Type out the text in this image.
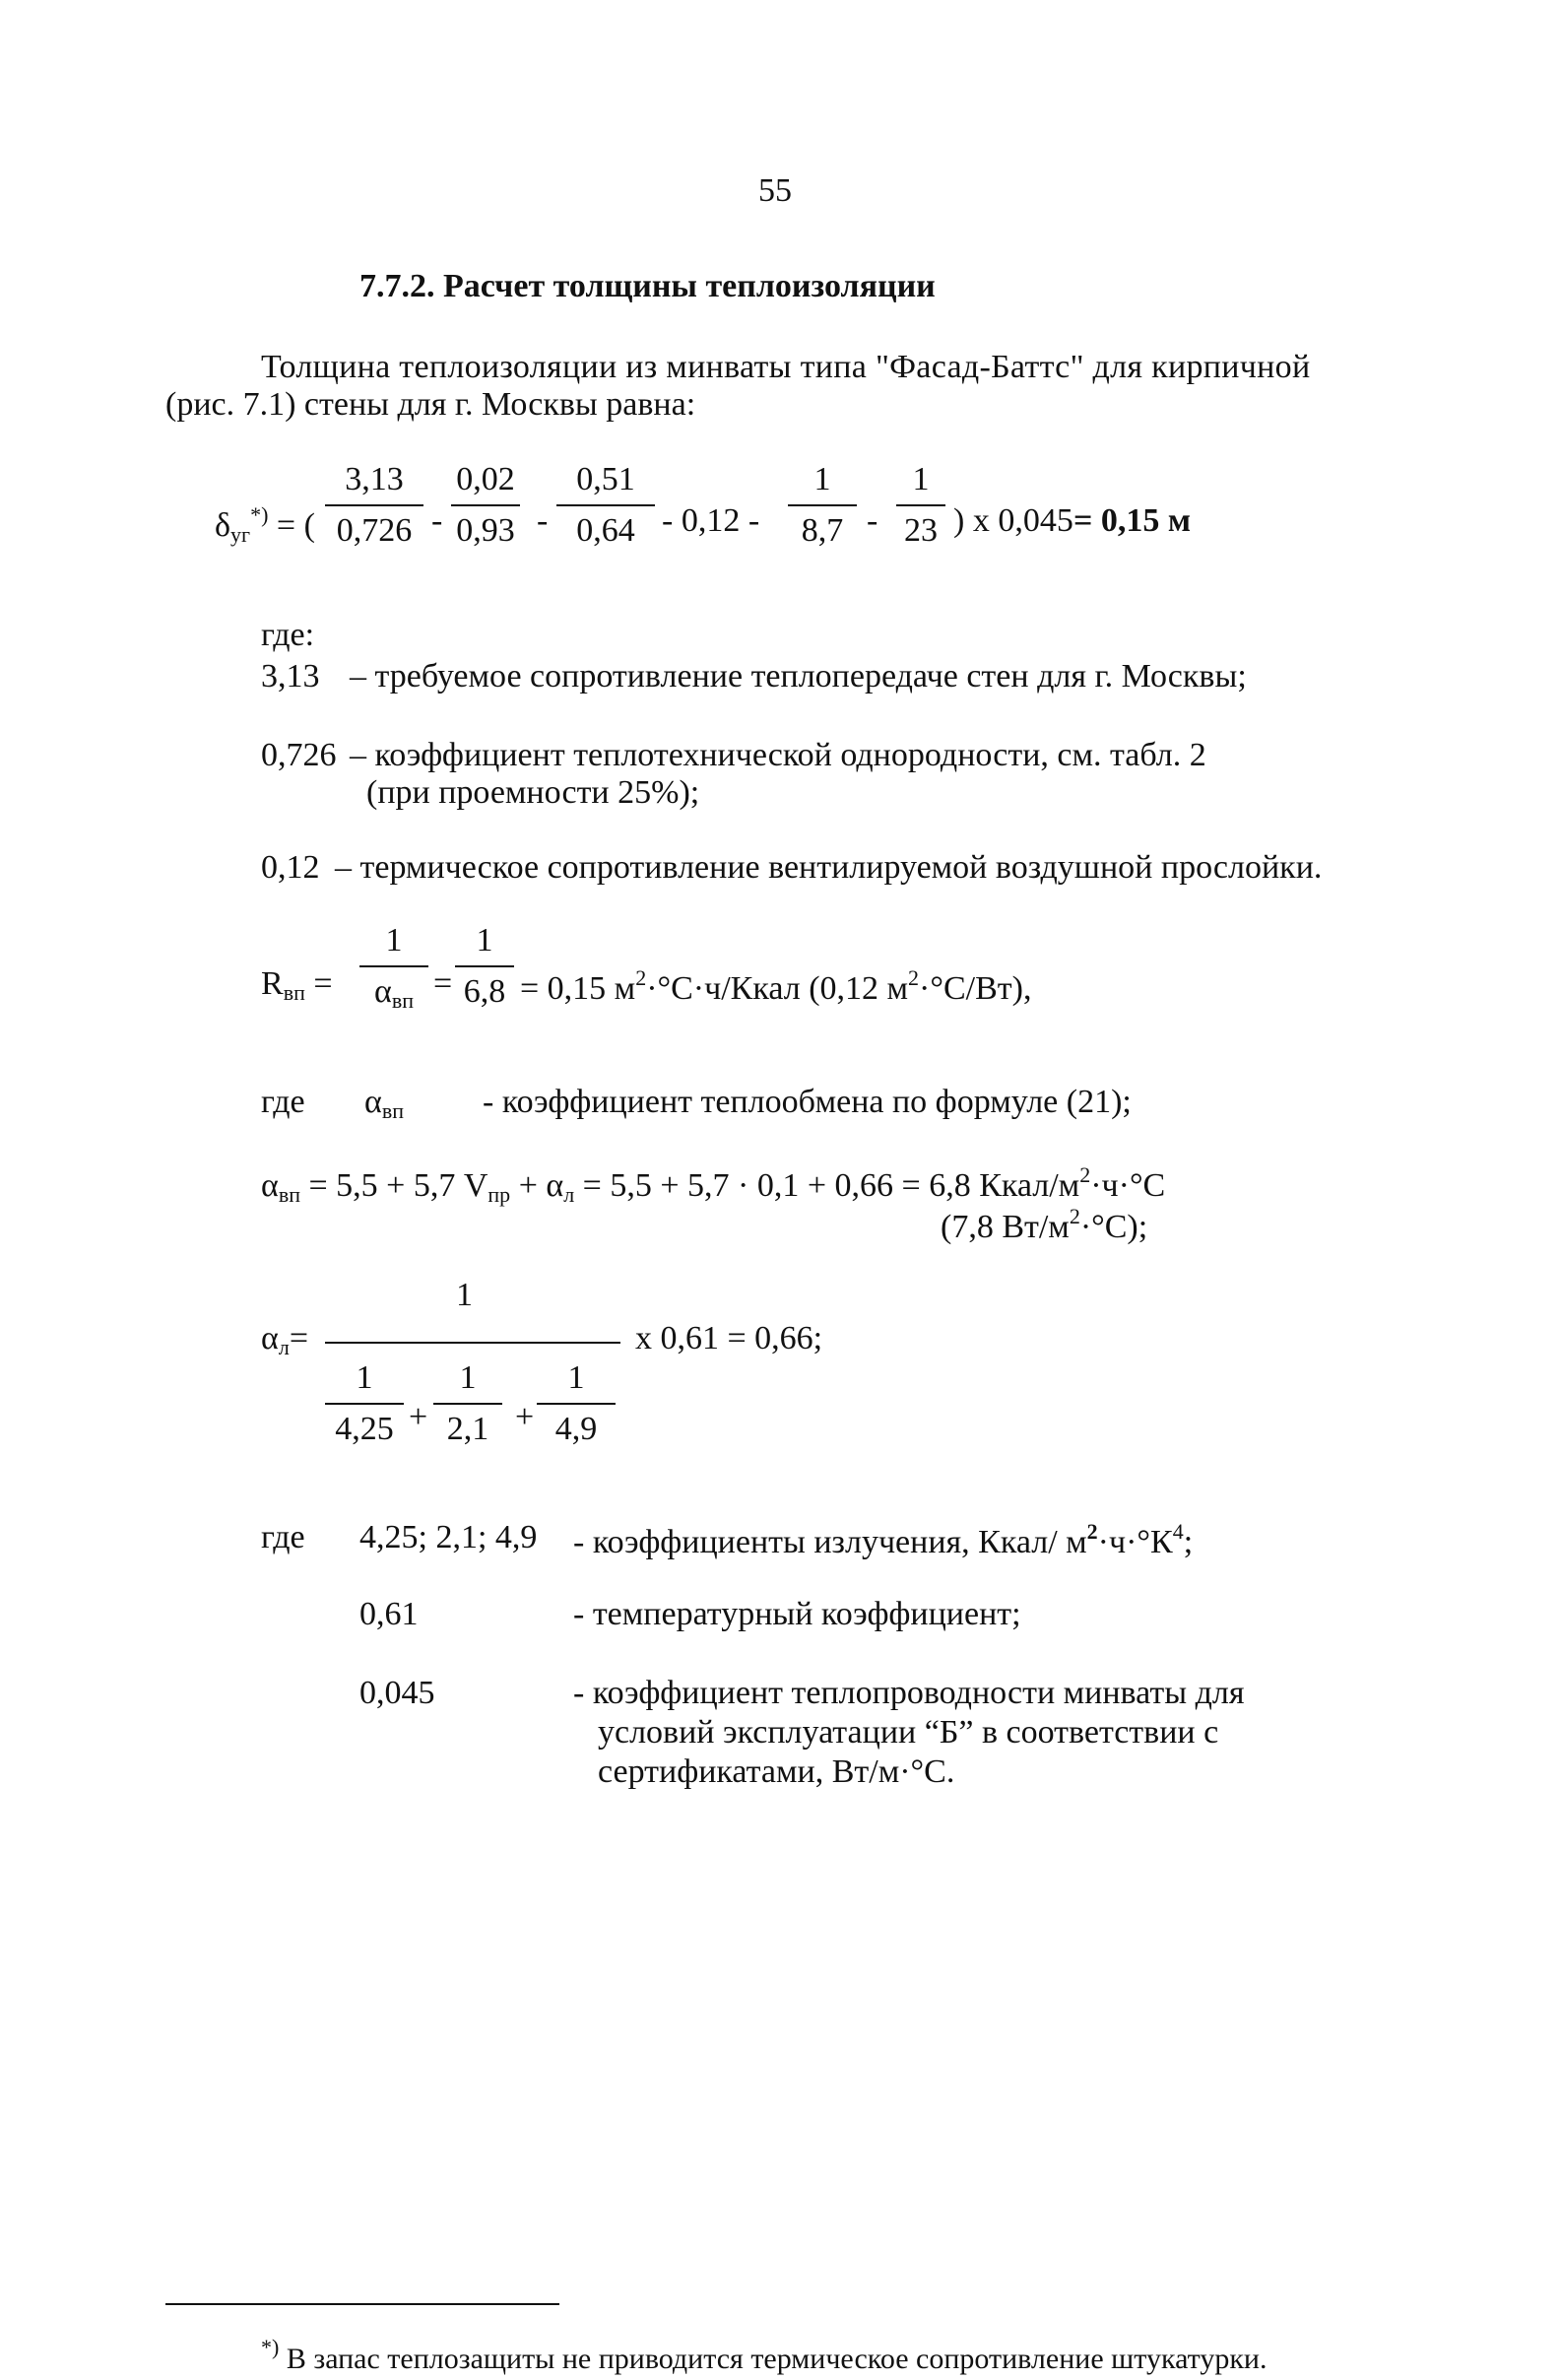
55
7.7.2. Расчет толщины теплоизоляции
Толщина теплоизоляции из минваты типа "Фасад-Баттс" для кирпичной
(рис. 7.1) стены для г. Москвы равна:
$\delta_{уг}^{*)}$ = (
3,13
0,726 -
0,02
0,93 -
0,51
0,64 - 0,12 -
1
8,7 -
1
23 ) х 0,045 = 0,15 м
где:
3,13 – требуемое сопротивление теплопередаче стен для г. Москвы;
0,726 – коэффициент теплотехнической однородности, см. табл. 2
(при проемности 25%);
0,12 – термическое сопротивление вентилируемой воздушной прослойки.
$R_{вп}$ =
1
$\alpha_{вп}$ =
1
6,8 = 0,15 $м^2\cdot^\circ С\cdot ч$/Ккал (0,12 $м^2\cdot^\circ С/Вт$),
где $\alpha_{вп}$ - коэффициент теплообмена по формуле (21);
$\alpha_{вп} = 5,5 + 5,7$ $V_{пр} + \alpha_л = 5,5 + 5,7 \cdot 0,1 + 0,66 = 6,8$ Ккал/$м^2\cdot ч\cdot^\circ С$
(7,8 $Вт/м^2\cdot^\circ С$);
$\alpha_л=$
1
1
4,25 +
1
2,1 +
1
4,9
х 0,61 = 0,66;
где 4,25; 2,1; 4,9 - коэффициенты излучения, Ккал/ $м^2\cdot ч\cdot^\circ К^4$;
0,61	- температурный коэффициент;
0,045	- коэффициент теплопроводности минваты для
условий эксплуатации “Б” в соответствии с
сертификатами, Вт/м·°С.
*) В запас теплозащиты не приводится термическое сопротивление штукатурки.
